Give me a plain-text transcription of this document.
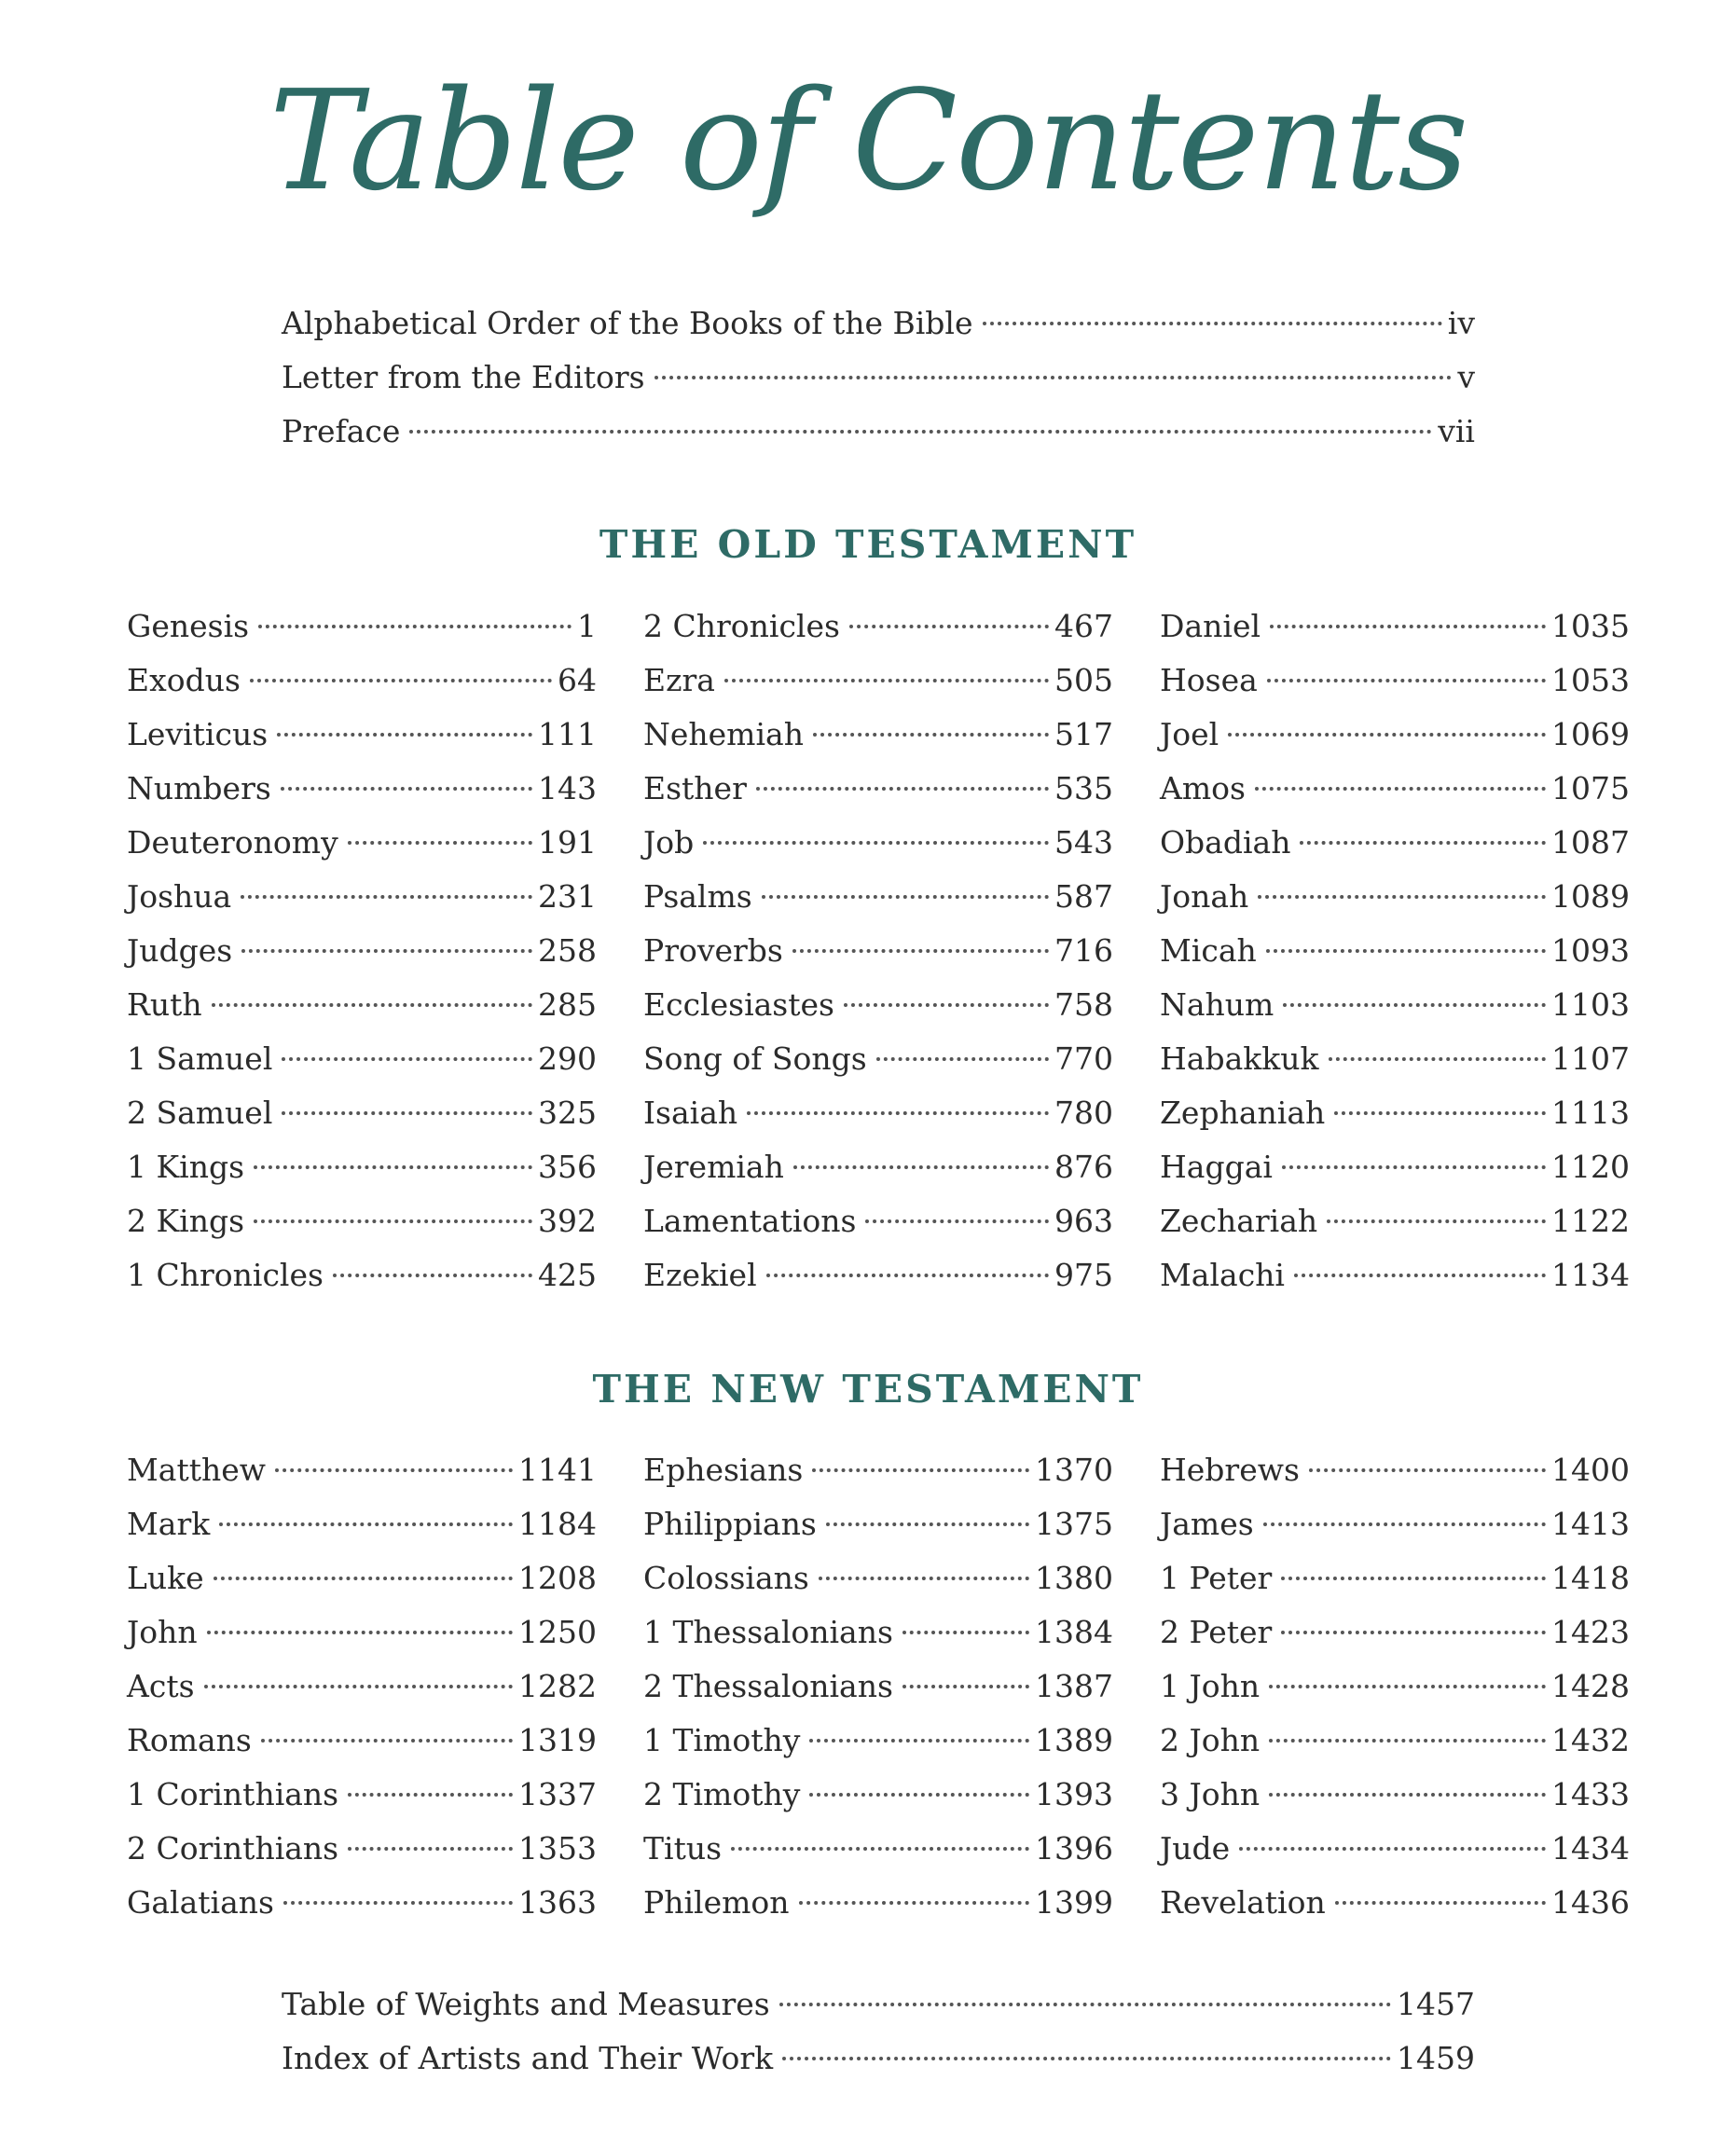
Table of Contents
Alphabetical Order of the Books of the Bible	iv
Letter from the Editors	v
Preface	vii
THE OLD TESTAMENT
Genesis	1
Exodus	64
Leviticus	111
Numbers	143
Deuteronomy	191
Joshua	231
Judges	258
Ruth	285
1 Samuel	290
2 Samuel	325
1 Kings	356
2 Kings	392
1 Chronicles	425
2 Chronicles	467
Ezra	505
Nehemiah	517
Esther	535
Job	543
Psalms	587
Proverbs	716
Ecclesiastes	758
Song of Songs	770
Isaiah	780
Jeremiah	876
Lamentations	963
Ezekiel	975
Daniel	1035
Hosea	1053
Joel	1069
Amos	1075
Obadiah	1087
Jonah	1089
Micah	1093
Nahum	1103
Habakkuk	1107
Zephaniah	1113
Haggai	1120
Zechariah	1122
Malachi	1134
THE NEW TESTAMENT
Matthew	1141
Mark	1184
Luke	1208
John	1250
Acts	1282
Romans	1319
1 Corinthians	1337
2 Corinthians	1353
Galatians	1363
Ephesians	1370
Philippians	1375
Colossians	1380
1 Thessalonians	1384
2 Thessalonians	1387
1 Timothy	1389
2 Timothy	1393
Titus	1396
Philemon	1399
Hebrews	1400
James	1413
1 Peter	1418
2 Peter	1423
1 John	1428
2 John	1432
3 John	1433
Jude	1434
Revelation	1436
Table of Weights and Measures	1457
Index of Artists and Their Work	1459
